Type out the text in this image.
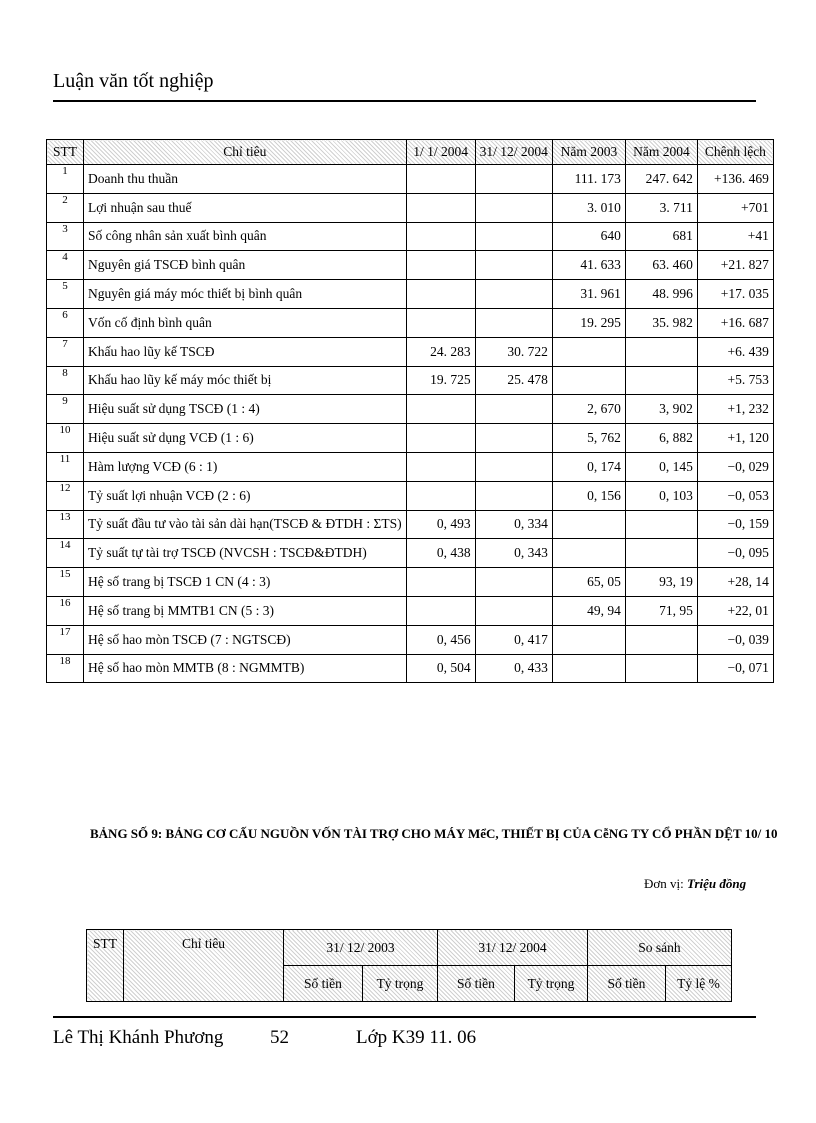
Luận văn tốt nghiệp
STT	Chỉ tiêu	1/ 1/ 2004	31/ 12/ 2004	Năm 2003	Năm 2004	Chênh lệch
1	Doanh thu thuần			111. 173	247. 642	+136. 469
2	Lợi nhuận sau thuế			3. 010	3. 711	+701
3	Số công nhân sản xuất bình quân			640	681	+41
4	Nguyên giá TSCĐ bình quân			41. 633	63. 460	+21. 827
5	Nguyên giá máy móc thiết bị bình quân			31. 961	48. 996	+17. 035
6	Vốn cố định bình quân			19. 295	35. 982	+16. 687
7	Khấu hao lũy kế TSCĐ	24. 283	30. 722			+6. 439
8	Khấu hao lũy kế máy móc thiết bị	19. 725	25. 478			+5. 753
9	Hiệu suất sử dụng TSCĐ (1 : 4)			2, 670	3, 902	+1, 232
10	Hiệu suất sử dụng VCĐ (1 : 6)			5, 762	6, 882	+1, 120
11	Hàm lượng VCĐ (6 : 1)			0, 174	0, 145	−0, 029
12	Tỷ suất lợi nhuận VCĐ (2 : 6)			0, 156	0, 103	−0, 053
13	Tỷ suất đầu tư vào tài sản dài hạn(TSCĐ & ĐTDH : ΣTS)	0, 493	0, 334			−0, 159
14	Tỷ suất tự tài trợ TSCĐ (NVCSH : TSCĐ&ĐTDH)	0, 438	0, 343			−0, 095
15	Hệ số trang bị TSCĐ 1 CN (4 : 3)			65, 05	93, 19	+28, 14
16	Hệ số trang bị MMTB1 CN (5 : 3)			49, 94	71, 95	+22, 01
17	Hệ số hao mòn TSCĐ (7 : NGTSCĐ)	0, 456	0, 417			−0, 039
18	Hệ số hao mòn MMTB (8 : NGMMTB)	0, 504	0, 433			−0, 071
BẢNG SỐ 9: BẢNG CƠ CẤU NGUỒN VỐN TÀI TRỢ CHO MÁY MểC, THIẾT BỊ CỦA CễNG TY CỔ PHẦN DỆT 10/ 10
Đơn vị: Triệu đồng
STT	Chỉ tiêu	31/ 12/ 2003		31/ 12/ 2004		So sánh	
		Số tiền	Tỷ trọng	Số tiền	Tỷ trọng	Số tiền	Tỷ lệ %
Lê Thị Khánh Phương 52	Lớp K39 11. 06
